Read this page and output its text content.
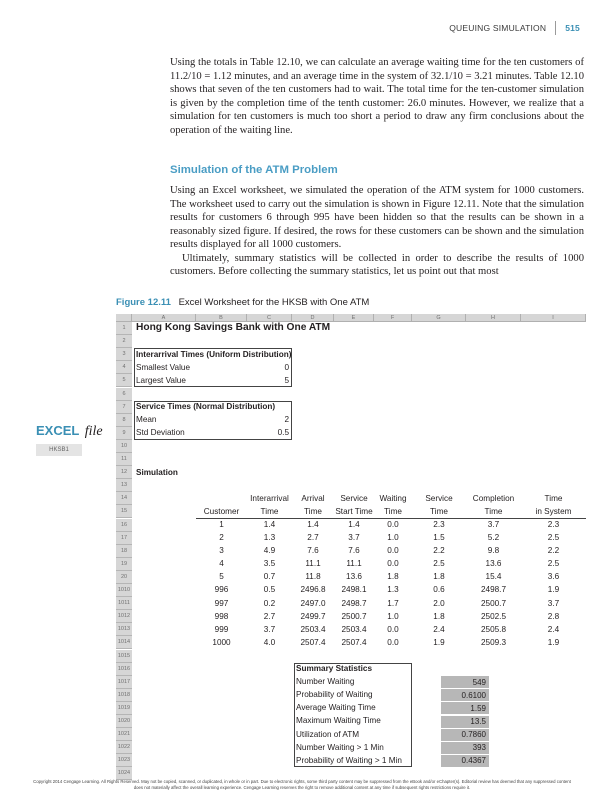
QUEUING SIMULATION 515

Using the totals in Table 12.10, we can calculate an average waiting time for the ten customers of 11.2/10 = 1.12 minutes, and an average time in the system of 32.1/10 = 3.21 minutes. Table 12.10 shows that seven of the ten customers had to wait. The total time for the ten-customer simulation is given by the completion time of the tenth customer: 26.0 minutes. However, we realize that a simulation for ten customers is much too short a period to draw any firm conclusions about the operation of the waiting line.

Simulation of the ATM Problem

Using an Excel worksheet, we simulated the operation of the ATM system for 1000 customers. The worksheet used to carry out the simulation is shown in Figure 12.11. Note that the simulation results for customers 6 through 995 have been hidden so that the results can be shown in a reasonably sized figure. If desired, the rows for these customers can be shown and the simulation results displayed for all 1000 customers.

Ultimately, summary statistics will be collected in order to describe the results of 1000 customers. Before collecting the summary statistics, let us point out that most

Figure 12.11 Excel Worksheet for the HKSB with One ATM
EXCEL file
HKSB1
A	B	C	D	E	F	G	H	I
1
2
3
4
5
6
7
8
9
10
11
12
13
14
15
16
17
18
19
20
1010
1011
1012
1013
1014
1015
1016
1017
1018
1019
1020
1021
1022
1023
1024
Hong Kong Savings Bank with One ATM
Interarrival Times (Uniform Distribution)
Smallest Value	0
Largest Value	5
Service Times (Normal Distribution)
Mean	2
Std Deviation	0.5
Simulation
Interarrival	Arrival	Service	Waiting	Service	Completion	Time
Customer	Time	Time	Start Time	Time	Time	Time	in System
1	1.4	1.4	1.4	0.0	2.3	3.7	2.3
2	1.3	2.7	3.7	1.0	1.5	5.2	2.5
3	4.9	7.6	7.6	0.0	2.2	9.8	2.2
4	3.5	11.1	11.1	0.0	2.5	13.6	2.5
5	0.7	11.8	13.6	1.8	1.8	15.4	3.6
996	0.5	2496.8	2498.1	1.3	0.6	2498.7	1.9
997	0.2	2497.0	2498.7	1.7	2.0	2500.7	3.7
998	2.7	2499.7	2500.7	1.0	1.8	2502.5	2.8
999	3.7	2503.4	2503.4	0.0	2.4	2505.8	2.4
1000	4.0	2507.4	2507.4	0.0	1.9	2509.3	1.9
Summary Statistics
Number Waiting	549
Probability of Waiting	0.6100
Average Waiting Time	1.59
Maximum Waiting Time	13.5
Utilization of ATM	0.7860
Number Waiting > 1 Min	393
Probability of Waiting > 1 Min	0.4367

Copyright 2014 Cengage Learning. All Rights Reserved. May not be copied, scanned, or duplicated, in whole or in part. Due to electronic rights, some third party content may be suppressed from the eBook and/or eChapter(s). Editorial review has deemed that any suppressed content does not materially affect the overall learning experience. Cengage Learning reserves the right to remove additional content at any time if subsequent rights restrictions require it.
